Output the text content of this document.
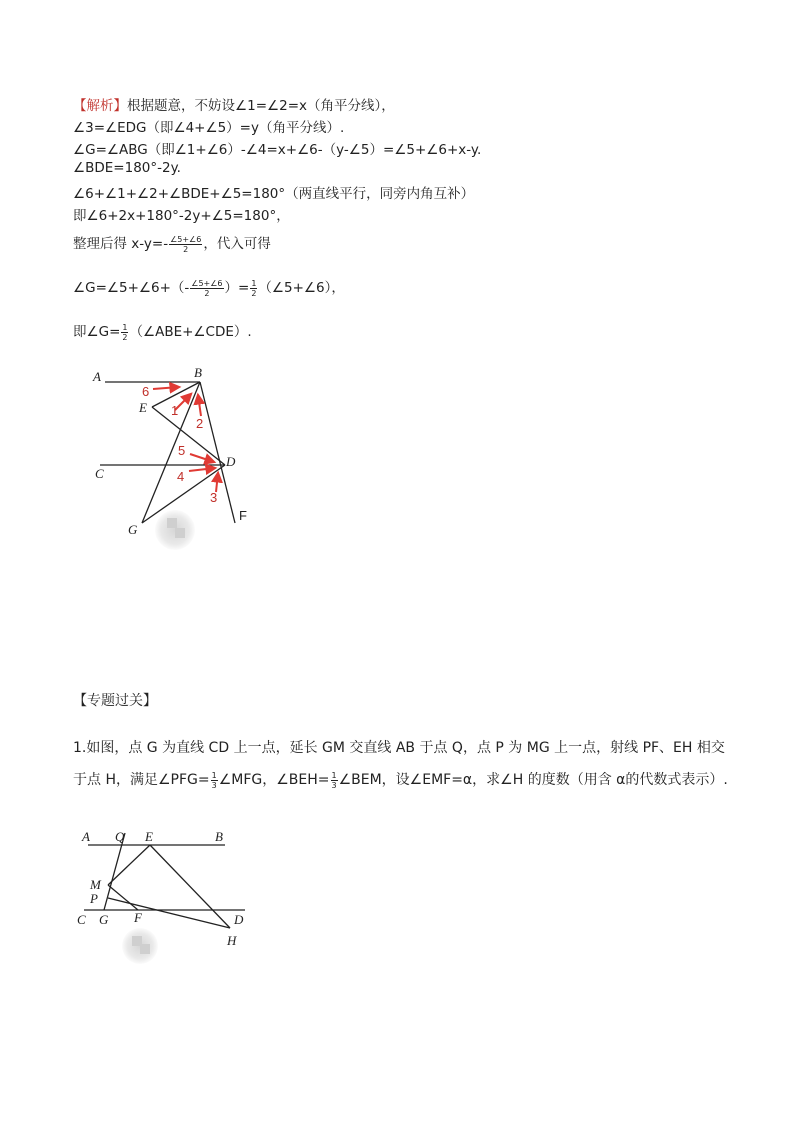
【解析】根据题意，不妨设∠1=∠2=x（角平分线），
∠3=∠EDG（即∠4+∠5）=y（角平分线）.
∠G=∠ABG（即∠1+∠6）-∠4=x+∠6-（y-∠5）=∠5+∠6+x-y.
∠BDE=180°-2y.
∠6+∠1+∠2+∠BDE+∠5=180°（两直线平行，同旁内角互补）
即∠6+2x+180°-2y+∠5=180°，
整理后得 $x-y=- \frac{\angle 5+\angle 6}{2}$ ，代入可得
∠G=∠5+∠6+（- $\frac{\angle 5+\angle 6}{2}$ ）= $\frac{1}{2}$ （∠5+∠6），
即∠G= $\frac{1}{2}$ （∠ABE+∠CDE）.
A	B
E
C
D
G
F
1
2
3
4
5
6
【专题过关】
1.如图，点 G 为直线 CD 上一点，延长 GM 交直线 AB 于点 Q，点 P 为 MG 上一点，射线 PF、EH 相交于点 H，满足∠PFG= $\frac{1}{3}$ ∠MFG，∠BEH= $\frac{1}{3}$ ∠BEM，设∠EMF=α，求∠H 的度数（用含 α的代数式表示）.
A Q E	B
M
P
C G F	D
H
